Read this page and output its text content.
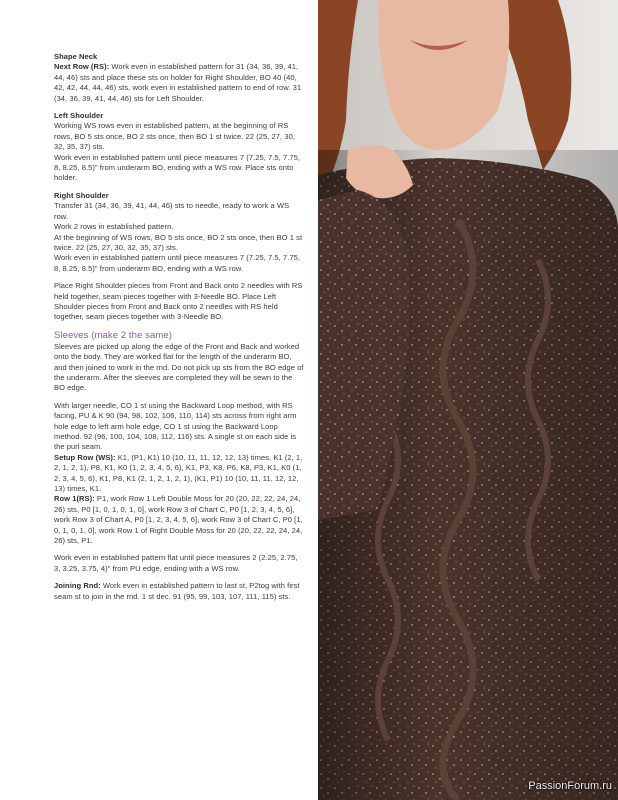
Shape Neck

Next Row (RS): Work even in established pattern for 31 (34, 36, 39, 41, 44, 46) sts and place these sts on holder for Right Shoulder, BO 40 (40, 42, 42, 44, 44, 46) sts, work even in established pattern to end of row. 31 (34, 36, 39, 41, 44, 46) sts for Left Shoulder.

Left Shoulder

Working WS rows even in established pattern, at the beginning of RS rows, BO 5 sts once, BO 2 sts once, then BO 1 st twice. 22 (25, 27, 30, 32, 35, 37) sts.

Work even in established pattern until piece measures 7 (7.25, 7.5, 7.75, 8, 8.25, 8.5)" from underarm BO, ending with a WS row. Place sts onto holder.

Right Shoulder

Transfer 31 (34, 36, 39, 41, 44, 46) sts to needle, ready to work a WS row.

Work 2 rows in established pattern.

At the beginning of WS rows, BO 5 sts once, BO 2 sts once, then BO 1 st twice. 22 (25, 27, 30, 32, 35, 37) sts.

Work even in established pattern until piece measures 7 (7.25, 7.5, 7.75, 8, 8.25, 8.5)" from underarm BO, ending with a WS row.

Place Right Shoulder pieces from Front and Back onto 2 needles with RS held together, seam pieces together with 3-Needle BO. Place Left Shoulder pieces from Front and Back onto 2 needles with RS held together, seam pieces together with 3-Needle BO.

Sleeves (make 2 the same)

Sleeves are picked up along the edge of the Front and Back and worked onto the body. They are worked flat for the length of the underarm BO, and then joined to work in the rnd. Do not pick up sts from the BO edge of the underarm. After the sleeves are completed they will be sewn to the BO edge.

With larger needle, CO 1 st using the Backward Loop method, with RS facing, PU & K 90 (94, 98, 102, 106, 110, 114) sts across from right arm hole edge to left arm hole edge, CO 1 st using the Backward Loop method. 92 (96, 100, 104, 108, 112, 116) sts. A single st on each side is the purl seam.

Setup Row (WS): K1, (P1, K1) 10 (10, 11, 11, 12, 12, 13) times, K1 (2, 1, 2, 1, 2, 1), P8, K1, K0 (1, 2, 3, 4, 5, 6), K1, P3, K8, P6, K8, P3, K1, K0 (1, 2, 3, 4, 5, 6), K1, P8, K1 (2, 1, 2, 1, 2, 1), (K1, P1) 10 (10, 11, 11, 12, 12, 13) times, K1.

Row 1(RS): P1, work Row 1 Left Double Moss for 20 (20, 22, 22, 24, 24, 26) sts, P0 [1, 0, 1, 0, 1, 0], work Row 3 of Chart C, P0 [1, 2, 3, 4, 5, 6], work Row 3 of Chart A, P0 [1, 2, 3, 4, 5, 6], work Row 3 of Chart C, P0 [1, 0, 1, 0, 1, 0], work Row 1 of Right Double Moss for 20 (20, 22, 22, 24, 24, 26) sts, P1.

Work even in established pattern flat until piece measures 2 (2.25, 2.75, 3, 3.25, 3.75, 4)" from PU edge, ending with a WS row.

Joining Rnd: Work even in established pattern to last st, P2tog with first seam st to join in the rnd. 1 st dec. 91 (95, 99, 103, 107, 111, 115) sts.

PassionForum.ru
